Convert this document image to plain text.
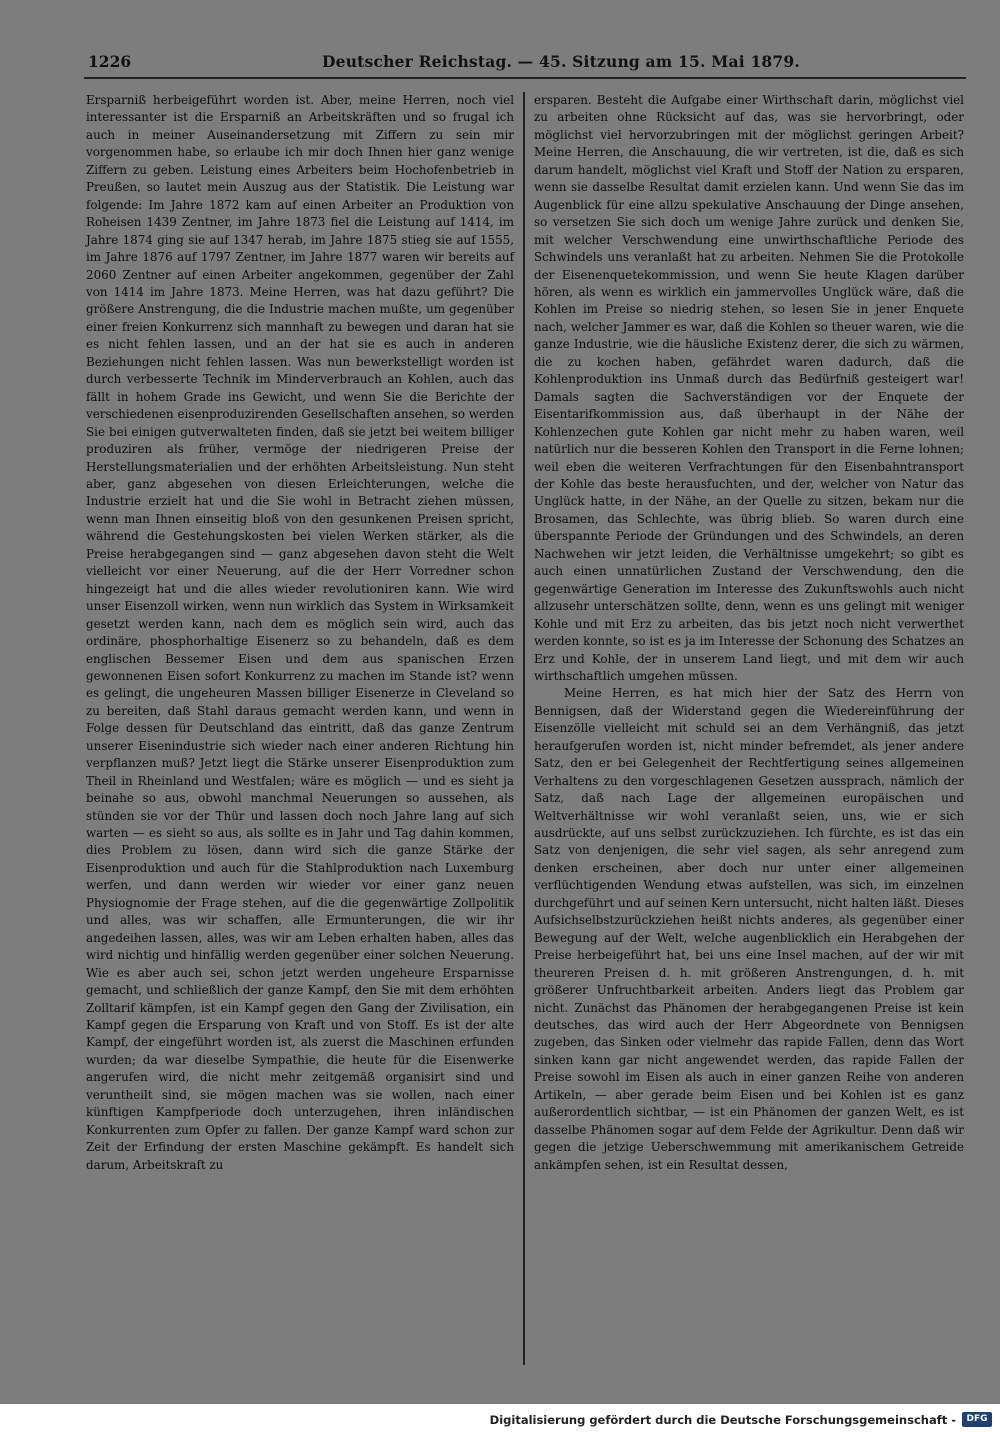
1226	Deutscher Reichstag. — 45. Sitzung am 15. Mai 1879.

Ersparniß herbeigeführt worden ist. Aber, meine Herren, noch viel interessanter ist die Ersparniß an Arbeitskräften und so frugal ich auch in meiner Auseinandersetzung mit Ziffern zu sein mir vorgenommen habe, so erlaube ich mir doch Ihnen hier ganz wenige Ziffern zu geben. Leistung eines Arbeiters beim Hochofenbetrieb in Preußen, so lautet mein Auszug aus der Statistik. Die Leistung war folgende: Im Jahre 1872 kam auf einen Arbeiter an Produktion von Roheisen 1439 Zentner, im Jahre 1873 fiel die Leistung auf 1414, im Jahre 1874 ging sie auf 1347 herab, im Jahre 1875 stieg sie auf 1555, im Jahre 1876 auf 1797 Zentner, im Jahre 1877 waren wir bereits auf 2060 Zentner auf einen Arbeiter angekommen, gegenüber der Zahl von 1414 im Jahre 1873. Meine Herren, was hat dazu geführt? Die größere Anstrengung, die die Industrie machen mußte, um gegenüber einer freien Konkurrenz sich mannhaft zu bewegen und daran hat sie es nicht fehlen lassen, und an der hat sie es auch in anderen Beziehungen nicht fehlen lassen. Was nun bewerkstelligt worden ist durch verbesserte Technik im Minderverbrauch an Kohlen, auch das fällt in hohem Grade ins Gewicht, und wenn Sie die Berichte der verschiedenen eisenproduzirenden Gesellschaften ansehen, so werden Sie bei einigen gutverwalteten finden, daß sie jetzt bei weitem billiger produziren als früher, vermöge der niedrigeren Preise der Herstellungsmaterialien und der erhöhten Arbeitsleistung. Nun steht aber, ganz abgesehen von diesen Erleichterungen, welche die Industrie erzielt hat und die Sie wohl in Betracht ziehen müssen, wenn man Ihnen einseitig bloß von den gesunkenen Preisen spricht, während die Gestehungskosten bei vielen Werken stärker, als die Preise herabgegangen sind — ganz abgesehen davon steht die Welt vielleicht vor einer Neuerung, auf die der Herr Vorredner schon hingezeigt hat und die alles wieder revolutioniren kann. Wie wird unser Eisenzoll wirken, wenn nun wirklich das System in Wirksamkeit gesetzt werden kann, nach dem es möglich sein wird, auch das ordinäre, phosphorhaltige Eisenerz so zu behandeln, daß es dem englischen Bessemer Eisen und dem aus spanischen Erzen gewonnenen Eisen sofort Konkurrenz zu machen im Stande ist? wenn es gelingt, die ungeheuren Massen billiger Eisenerze in Cleveland so zu bereiten, daß Stahl daraus gemacht werden kann, und wenn in Folge dessen für Deutschland das eintritt, daß das ganze Zentrum unserer Eisenindustrie sich wieder nach einer anderen Richtung hin verpflanzen muß? Jetzt liegt die Stärke unserer Eisenproduktion zum Theil in Rheinland und Westfalen; wäre es möglich — und es sieht ja beinahe so aus, obwohl manchmal Neuerungen so aussehen, als stünden sie vor der Thür und lassen doch noch Jahre lang auf sich warten — es sieht so aus, als sollte es in Jahr und Tag dahin kommen, dies Problem zu lösen, dann wird sich die ganze Stärke der Eisenproduktion und auch für die Stahlproduktion nach Luxemburg werfen, und dann werden wir wieder vor einer ganz neuen Physiognomie der Frage stehen, auf die die gegenwärtige Zollpolitik und alles, was wir schaffen, alle Ermunterungen, die wir ihr angedeihen lassen, alles, was wir am Leben erhalten haben, alles das wird nichtig und hinfällig werden gegenüber einer solchen Neuerung. Wie es aber auch sei, schon jetzt werden ungeheure Ersparnisse gemacht, und schließlich der ganze Kampf, den Sie mit dem erhöhten Zolltarif kämpfen, ist ein Kampf gegen den Gang der Zivilisation, ein Kampf gegen die Ersparung von Kraft und von Stoff. Es ist der alte Kampf, der eingeführt worden ist, als zuerst die Maschinen erfunden wurden; da war dieselbe Sympathie, die heute für die Eisenwerke angerufen wird, die nicht mehr zeitgemäß organisirt sind und veruntheilt sind, sie mögen machen was sie wollen, nach einer künftigen Kampfperiode doch unterzugehen, ihren inländischen Konkurrenten zum Opfer zu fallen. Der ganze Kampf ward schon zur Zeit der Erfindung der ersten Maschine gekämpft. Es handelt sich darum, Arbeitskraft zu

ersparen. Besteht die Aufgabe einer Wirthschaft darin, möglichst viel zu arbeiten ohne Rücksicht auf das, was sie hervorbringt, oder möglichst viel hervorzubringen mit der möglichst geringen Arbeit? Meine Herren, die Anschauung, die wir vertreten, ist die, daß es sich darum handelt, möglichst viel Kraft und Stoff der Nation zu ersparen, wenn sie dasselbe Resultat damit erzielen kann. Und wenn Sie das im Augenblick für eine allzu spekulative Anschauung der Dinge ansehen, so versetzen Sie sich doch um wenige Jahre zurück und denken Sie, mit welcher Verschwendung eine unwirthschaftliche Periode des Schwindels uns veranlaßt hat zu arbeiten. Nehmen Sie die Protokolle der Eisenenquetekommission, und wenn Sie heute Klagen darüber hören, als wenn es wirklich ein jammervolles Unglück wäre, daß die Kohlen im Preise so niedrig stehen, so lesen Sie in jener Enquete nach, welcher Jammer es war, daß die Kohlen so theuer waren, wie die ganze Industrie, wie die häusliche Existenz derer, die sich zu wärmen, die zu kochen haben, gefährdet waren dadurch, daß die Kohlenproduktion ins Unmaß durch das Bedürfniß gesteigert war! Damals sagten die Sachverständigen vor der Enquete der Eisentarifkommission aus, daß überhaupt in der Nähe der Kohlenzechen gute Kohlen gar nicht mehr zu haben waren, weil natürlich nur die besseren Kohlen den Transport in die Ferne lohnen; weil eben die weiteren Verfrachtungen für den Eisenbahntransport der Kohle das beste herausfuchten, und der, welcher von Natur das Unglück hatte, in der Nähe, an der Quelle zu sitzen, bekam nur die Brosamen, das Schlechte, was übrig blieb. So waren durch eine überspannte Periode der Gründungen und des Schwindels, an deren Nachwehen wir jetzt leiden, die Verhältnisse umgekehrt; so gibt es auch einen unnatürlichen Zustand der Verschwendung, den die gegenwärtige Generation im Interesse des Zukunftswohls auch nicht allzusehr unterschätzen sollte, denn, wenn es uns gelingt mit weniger Kohle und mit Erz zu arbeiten, das bis jetzt noch nicht verwerthet werden konnte, so ist es ja im Interesse der Schonung des Schatzes an Erz und Kohle, der in unserem Land liegt, und mit dem wir auch wirthschaftlich umgehen müssen.

Meine Herren, es hat mich hier der Satz des Herrn von Bennigsen, daß der Widerstand gegen die Wiedereinführung der Eisenzölle vielleicht mit schuld sei an dem Verhängniß, das jetzt heraufgerufen worden ist, nicht minder befremdet, als jener andere Satz, den er bei Gelegenheit der Rechtfertigung seines allgemeinen Verhaltens zu den vorgeschlagenen Gesetzen aussprach, nämlich der Satz, daß nach Lage der allgemeinen europäischen und Weltverhältnisse wir wohl veranlaßt seien, uns, wie er sich ausdrückte, auf uns selbst zurückzuziehen. Ich fürchte, es ist das ein Satz von denjenigen, die sehr viel sagen, als sehr anregend zum denken erscheinen, aber doch nur unter einer allgemeinen verflüchtigenden Wendung etwas aufstellen, was sich, im einzelnen durchgeführt und auf seinen Kern untersucht, nicht halten läßt. Dieses Aufsichselbstzurückziehen heißt nichts anderes, als gegenüber einer Bewegung auf der Welt, welche augenblicklich ein Herabgehen der Preise herbeigeführt hat, bei uns eine Insel machen, auf der wir mit theureren Preisen d. h. mit größeren Anstrengungen, d. h. mit größerer Unfruchtbarkeit arbeiten. Anders liegt das Problem gar nicht. Zunächst das Phänomen der herabgegangenen Preise ist kein deutsches, das wird auch der Herr Abgeordnete von Bennigsen zugeben, das Sinken oder vielmehr das rapide Fallen, denn das Wort sinken kann gar nicht angewendet werden, das rapide Fallen der Preise sowohl im Eisen als auch in einer ganzen Reihe von anderen Artikeln, — aber gerade beim Eisen und bei Kohlen ist es ganz außerordentlich sichtbar, — ist ein Phänomen der ganzen Welt, es ist dasselbe Phänomen sogar auf dem Felde der Agrikultur. Denn daß wir gegen die jetzige Ueberschwemmung mit amerikanischem Getreide ankämpfen sehen, ist ein Resultat dessen,

Digitalisierung gefördert durch die Deutsche Forschungsgemeinschaft -	DFG
